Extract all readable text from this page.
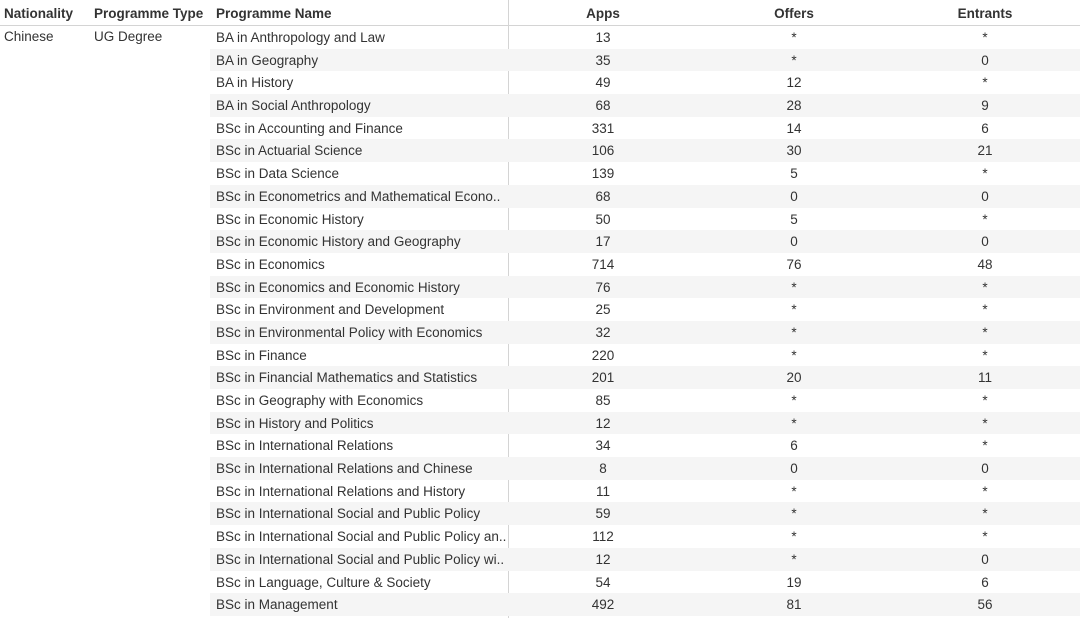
Nationality Programme Type Programme Name	Apps	Offers	Entrants
Chinese	UG Degree	BA in Anthropology and Law	13	*	*
BA in Geography	35	*	0
BA in History	49	12	*
BA in Social Anthropology	68	28	9
BSc in Accounting and Finance	331	14	6
BSc in Actuarial Science	106	30	21
BSc in Data Science	139	5	*
BSc in Econometrics and Mathematical Econo..	68	0	0
BSc in Economic History	50	5	*
BSc in Economic History and Geography	17	0	0
BSc in Economics	714	76	48
BSc in Economics and Economic History	76	*	*
BSc in Environment and Development	25	*	*
BSc in Environmental Policy with Economics	32	*	*
BSc in Finance	220	*	*
BSc in Financial Mathematics and Statistics	201	20	11
BSc in Geography with Economics	85	*	*
BSc in History and Politics	12	*	*
BSc in International Relations	34	6	*
BSc in International Relations and Chinese	8	0	0
BSc in International Relations and History	11	*	*
BSc in International Social and Public Policy	59	*	*
BSc in International Social and Public Policy an..	112	*	*
BSc in International Social and Public Policy wi..	12	*	0
BSc in Language, Culture & Society	54	19	6
BSc in Management	492	81	56
